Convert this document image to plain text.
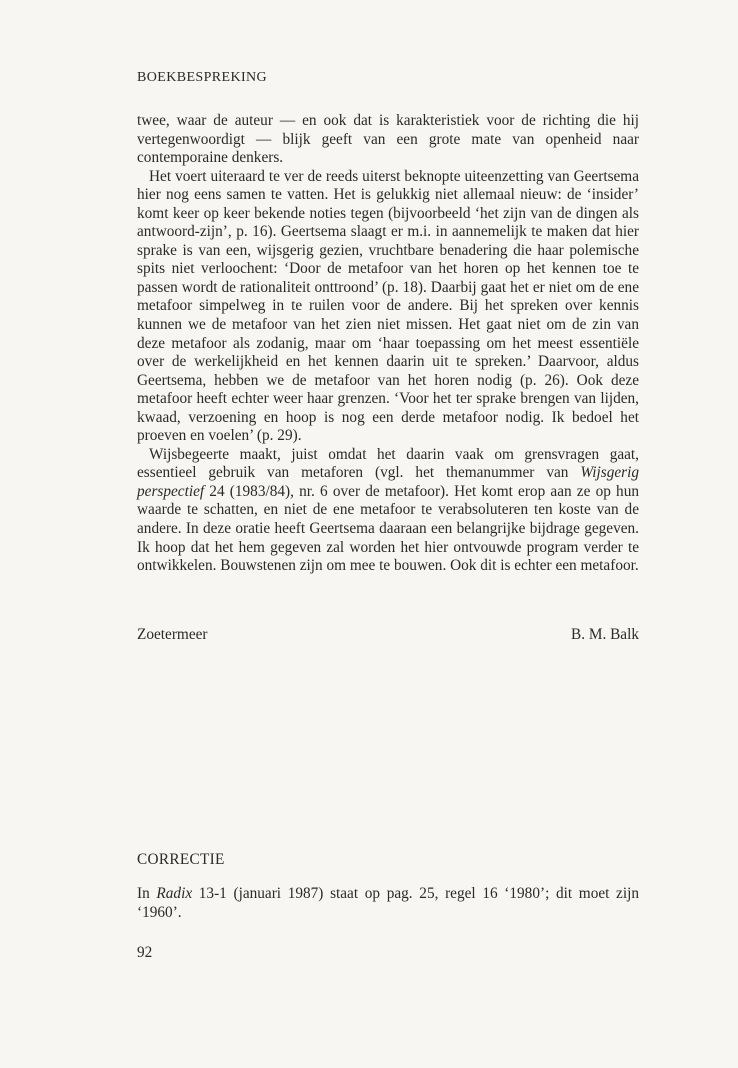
BOEKBESPREKING

twee, waar de auteur — en ook dat is karakteristiek voor de richting die hij vertegenwoordigt — blijk geeft van een grote mate van openheid naar contemporaine denkers.

Het voert uiteraard te ver de reeds uiterst beknopte uiteenzetting van Geertsema hier nog eens samen te vatten. Het is gelukkig niet allemaal nieuw: de ‘insider’ komt keer op keer bekende noties tegen (bijvoorbeeld ‘het zijn van de dingen als antwoord-zijn’, p. 16). Geertsema slaagt er m.i. in aannemelijk te maken dat hier sprake is van een, wijsgerig gezien, vruchtbare benadering die haar polemische spits niet verloochent: ‘Door de metafoor van het horen op het kennen toe te passen wordt de rationaliteit onttroond’ (p. 18). Daarbij gaat het er niet om de ene metafoor simpelweg in te ruilen voor de andere. Bij het spreken over kennis kunnen we de metafoor van het zien niet missen. Het gaat niet om de zin van deze metafoor als zodanig, maar om ‘haar toepassing om het meest essentiële over de werkelijkheid en het kennen daarin uit te spreken.’ Daarvoor, aldus Geertsema, hebben we de metafoor van het horen nodig (p. 26). Ook deze metafoor heeft echter weer haar grenzen. ‘Voor het ter sprake brengen van lijden, kwaad, verzoening en hoop is nog een derde metafoor nodig. Ik bedoel het proeven en voelen’ (p. 29).

Wijsbegeerte maakt, juist omdat het daarin vaak om grensvragen gaat, essentieel gebruik van metaforen (vgl. het themanummer van Wijsgerig perspectief 24 (1983/84), nr. 6 over de metafoor). Het komt erop aan ze op hun waarde te schatten, en niet de ene metafoor te verabsoluteren ten koste van de andere. In deze oratie heeft Geertsema daaraan een belangrijke bijdrage gegeven. Ik hoop dat het hem gegeven zal worden het hier ontvouwde program verder te ontwikkelen. Bouwstenen zijn om mee te bouwen. Ook dit is echter een metafoor.

Zoetermeer	B. M. Balk
CORRECTIE
In Radix 13-1 (januari 1987) staat op pag. 25, regel 16 ‘1980’; dit moet zijn ‘1960’.
92
